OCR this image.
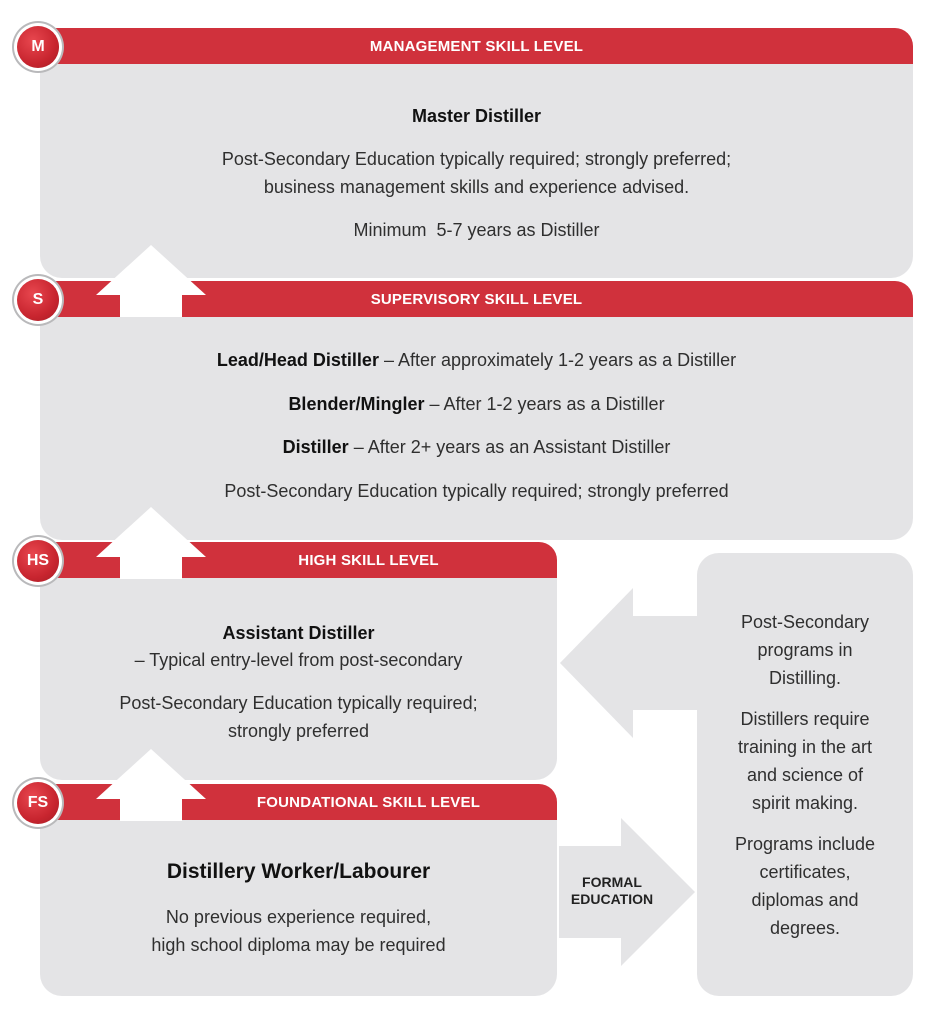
MANAGEMENT SKILL LEVEL
SUPERVISORY SKILL LEVEL
HIGH SKILL LEVEL
FOUNDATIONAL SKILL LEVEL
FORMAL
EDUCATION
M
S
HS
FS
Master Distiller
Post-Secondary Education typically required; strongly preferred;
business management skills and experience advised.
Minimum  5-7 years as Distiller
Lead/Head Distiller – After approximately 1-2 years as a Distiller
Blender/Mingler – After 1-2 years as a Distiller
Distiller – After 2+ years as an Assistant Distiller
Post-Secondary Education typically required; strongly preferred
Assistant Distiller
– Typical entry-level from post-secondary
Post-Secondary Education typically required;
strongly preferred
Distillery Worker/Labourer
No previous experience required,
high school diploma may be required
Post-Secondary
programs in
Distilling.
Distillers require
training in the art
and science of
spirit making.
Programs include
certificates,
diplomas and
degrees.
